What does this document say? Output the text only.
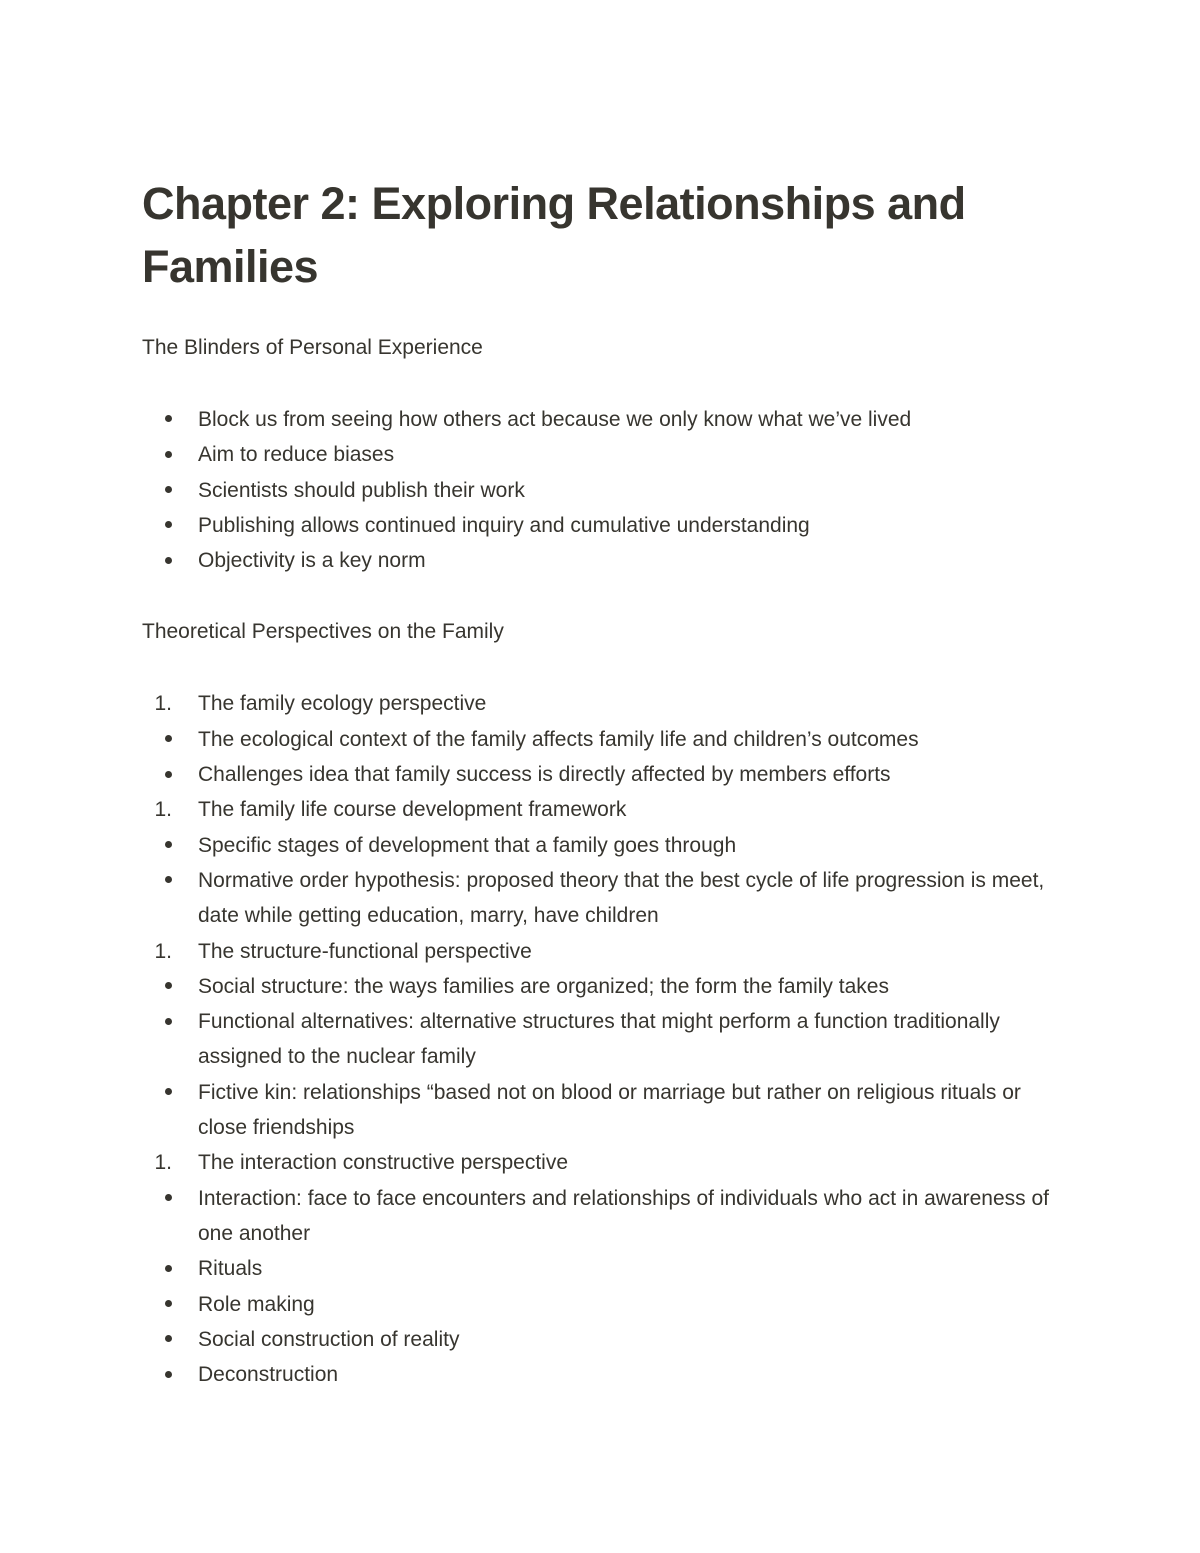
Chapter 2: Exploring Relationships and Families

The Blinders of Personal Experience

Block us from seeing how others act because we only know what we’ve lived
Aim to reduce biases
Scientists should publish their work
Publishing allows continued inquiry and cumulative understanding
Objectivity is a key norm

Theoretical Perspectives on the Family

1.	The family ecology perspective
The ecological context of the family affects family life and children’s outcomes
Challenges idea that family success is directly affected by members efforts
1.	The family life course development framework
Specific stages of development that a family goes through
Normative order hypothesis: proposed theory that the best cycle of life progression is meet, date while getting education, marry, have children
1.	The structure-functional perspective
Social structure: the ways families are organized; the form the family takes
Functional alternatives: alternative structures that might perform a function traditionally assigned to the nuclear family
Fictive kin: relationships “based not on blood or marriage but rather on religious rituals or close friendships
1.	The interaction constructive perspective
Interaction: face to face encounters and relationships of individuals who act in awareness of one another
Rituals
Role making
Social construction of reality
Deconstruction
